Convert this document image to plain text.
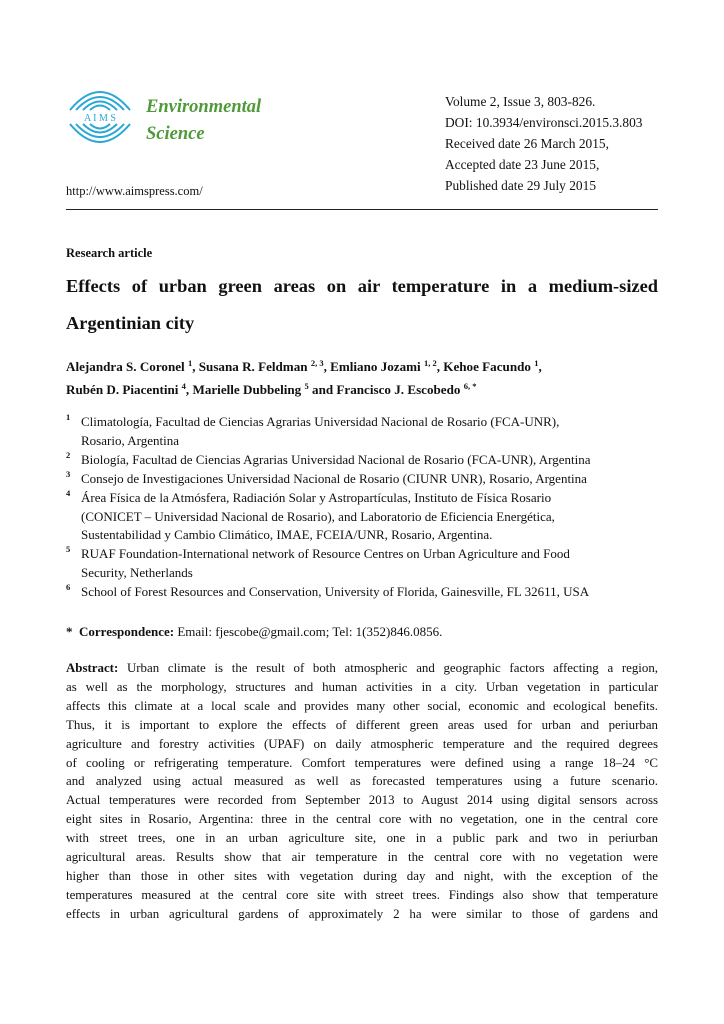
A I M S
Environmental
Science
Volume 2, Issue 3, 803-826.
DOI: 10.3934/environsci.2015.3.803
Received date 26 March 2015,
Accepted date 23 June 2015,
Published date 29 July 2015
http://www.aimspress.com/
Research article
Effects of urban green areas on air temperature in a medium-sized Argentinian city
Alejandra S. Coronel $^1$, Susana R. Feldman $^{2, 3}$, Emliano Jozami $^{1, 2}$, Kehoe Facundo $^1$,
Rubén D. Piacentini $^4$, Marielle Dubbeling $^5$ and Francisco J. Escobedo $^{6, *}$
1 Climatología, Facultad de Ciencias Agrarias Universidad Nacional de Rosario (FCA-UNR),
Rosario, Argentina
2 Biología, Facultad de Ciencias Agrarias Universidad Nacional de Rosario (FCA-UNR), Argentina
3 Consejo de Investigaciones Universidad Nacional de Rosario (CIUNR UNR), Rosario, Argentina
4 Área Física de la Atmósfera, Radiación Solar y Astropartículas, Instituto de Física Rosario
(CONICET – Universidad Nacional de Rosario), and Laboratorio de Eficiencia Energética,
Sustentabilidad y Cambio Climático, IMAE, FCEIA/UNR, Rosario, Argentina.
5 RUAF Foundation-International network of Resource Centres on Urban Agriculture and Food
Security, Netherlands
6 School of Forest Resources and Conservation, University of Florida, Gainesville, FL 32611, USA
* Correspondence: Email: fjescobe@gmail.com; Tel: 1(352)846.0856.
Abstract: Urban climate is the result of both atmospheric and geographic factors affecting a region,
as well as the morphology, structures and human activities in a city. Urban vegetation in particular
affects this climate at a local scale and provides many other social, economic and ecological benefits.
Thus, it is important to explore the effects of different green areas used for urban and periurban
agriculture and forestry activities (UPAF) on daily atmospheric temperature and the required degrees
of cooling or refrigerating temperature. Comfort temperatures were defined using a range 18–24 °C
and analyzed using actual measured as well as forecasted temperatures using a future scenario.
Actual temperatures were recorded from September 2013 to August 2014 using digital sensors across
eight sites in Rosario, Argentina: three in the central core with no vegetation, one in the central core
with street trees, one in an urban agriculture site, one in a public park and two in periurban
agricultural areas. Results show that air temperature in the central core with no vegetation were
higher than those in other sites with vegetation during day and night, with the exception of the
temperatures measured at the central core site with street trees. Findings also show that temperature
effects in urban agricultural gardens of approximately 2 ha were similar to those of gardens and
